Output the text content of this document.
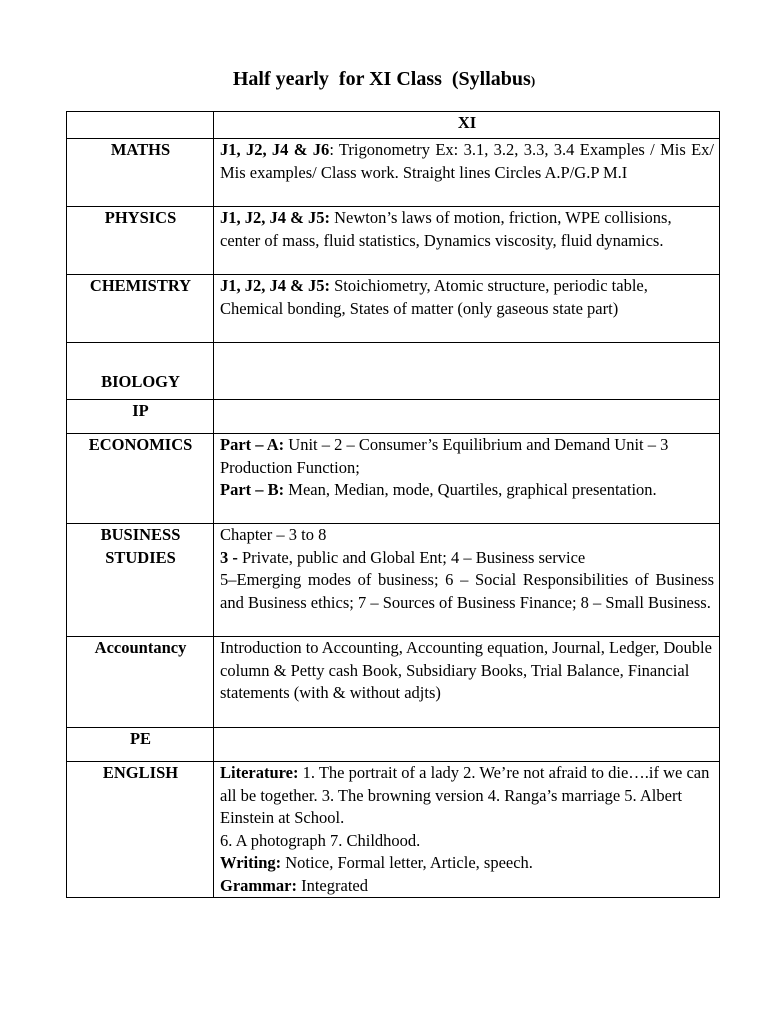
Half yearly  for XI Class  (Syllabus)
	XI
MATHS	J1, J2, J4 & J6: Trigonometry Ex: 3.1, 3.2, 3.3, 3.4 Examples / Mis Ex/ Mis examples/ Class work. Straight lines Circles A.P/G.P M.I
PHYSICS	J1, J2, J4 & J5: Newton’s laws of motion, friction, WPE collisions, center of mass, fluid statistics, Dynamics viscosity, fluid dynamics.
CHEMISTRY	J1, J2, J4 & J5: Stoichiometry, Atomic structure, periodic table, Chemical bonding, States of matter (only gaseous state part)
BIOLOGY	
IP	
ECONOMICS	Part – A: Unit – 2 – Consumer’s Equilibrium and Demand Unit – 3 Production Function;
Part – B: Mean, Median, mode, Quartiles, graphical presentation.

BUSINESS
STUDIES	Chapter – 3 to 8
3 - Private, public and Global Ent; 4 – Business service
5–Emerging modes of business; 6 – Social Responsibilities of Business and Business ethics; 7 – Sources of Business Finance; 8 – Small Business.

Accountancy	Introduction to Accounting, Accounting equation, Journal, Ledger, Double column & Petty cash Book, Subsidiary Books, Trial Balance, Financial statements (with & without adjts)
PE	
ENGLISH	Literature: 1. The portrait of a lady 2. We’re not afraid to die….if we can all be together. 3. The browning version 4. Ranga’s marriage 5. Albert Einstein at School.
6. A photograph 7. Childhood.
Writing: Notice, Formal letter, Article, speech.
Grammar: Integrated
